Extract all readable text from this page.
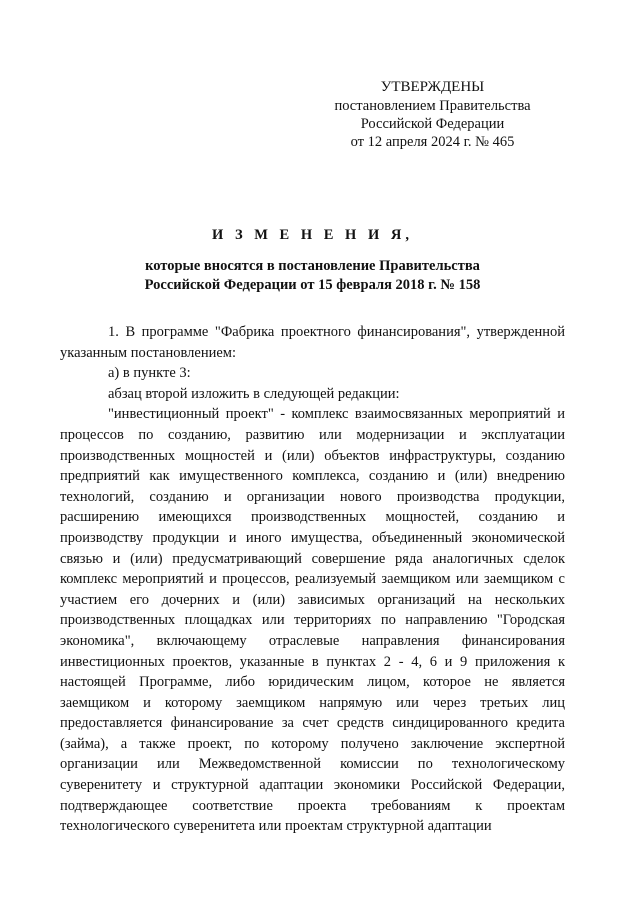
УТВЕРЖДЕНЫ
постановлением Правительства
Российской Федерации
от 12 апреля 2024 г. № 465
И З М Е Н Е Н И Я,
которые вносятся в постановление Правительства
Российской Федерации от 15 февраля 2018 г. № 158

1. В программе "Фабрика проектного финансирования", утвержденной указанным постановлением:

а) в пункте 3:

абзац второй изложить в следующей редакции:

"инвестиционный проект" - комплекс взаимосвязанных мероприятий и процессов по созданию, развитию или модернизации и эксплуатации производственных мощностей и (или) объектов инфраструктуры, созданию предприятий как имущественного комплекса, созданию и (или) внедрению технологий, созданию и организации нового производства продукции, расширению имеющихся производственных мощностей, созданию и производству продукции и иного имущества, объединенный экономической связью и (или) предусматривающий совершение ряда аналогичных сделок комплекс мероприятий и процессов, реализуемый заемщиком или заемщиком с участием его дочерних и (или) зависимых организаций на нескольких производственных площадках или территориях по направлению "Городская экономика", включающему отраслевые направления финансирования инвестиционных проектов, указанные в пунктах 2 - 4, 6 и 9 приложения к настоящей Программе, либо юридическим лицом, которое не является заемщиком и которому заемщиком напрямую или через третьих лиц предоставляется финансирование за счет средств синдицированного кредита (займа), а также проект, по которому получено заключение экспертной организации или Межведомственной комиссии по технологическому суверенитету и структурной адаптации экономики Российской Федерации, подтверждающее соответствие проекта требованиям к проектам технологического суверенитета или проектам структурной адаптации
